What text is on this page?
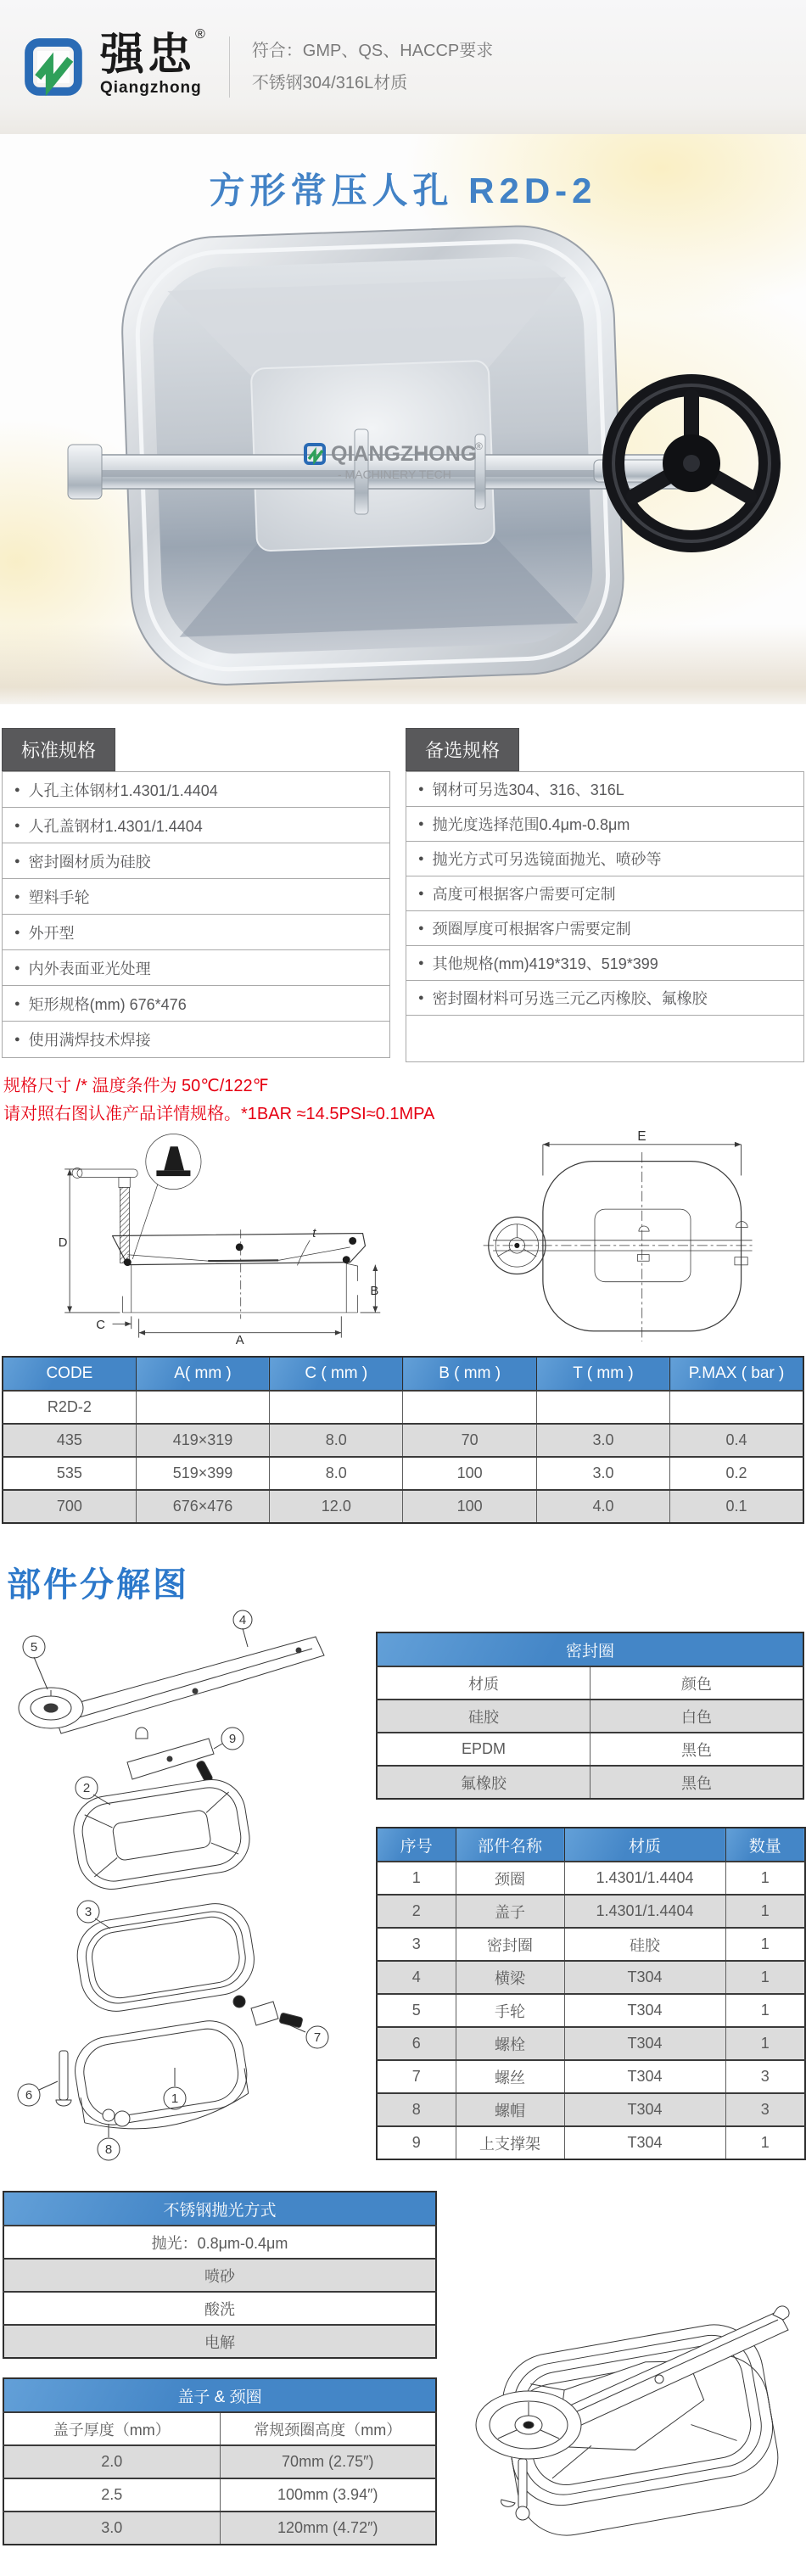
强忠®
Qiangzhong
符合：GMP、QS、HACCP要求
不锈钢304/316L材质
方形常压人孔 R2D-2
QIANGZHONG
®
- MACHINERY TECH
标准规格
● 人孔主体钢材1.4301/1.4404
● 人孔盖钢材1.4301/1.4404
● 密封圈材质为硅胶
● 塑料手轮
● 外开型
● 内外表面亚光处理
● 矩形规格(mm) 676*476
● 使用满焊技术焊接
备选规格
● 钢材可另选304、316、316L
● 抛光度选择范围0.4μm-0.8μm
● 抛光方式可另选镜面抛光、喷砂等
● 高度可根据客户需要可定制
● 颈圈厚度可根据客户需要定制
● 其他规格(mm)419*319、519*399
● 密封圈材料可另选三元乙丙橡胶、氟橡胶
规格尺寸 /* 温度条件为 50℃/122℉
请对照右图认准产品详情规格。*1BAR ≈14.5PSI≈0.1MPA
t
D
B
C
A
E
CODE	A( mm )	C ( mm )	B ( mm )	T ( mm )	P.MAX ( bar )
R2D-2					
435	419×319	8.0	70	3.0	0.4
535	519×399	8.0	100	3.0	0.2
700	676×476	12.0	100	4.0	0.1
部件分解图
5
4
9
2
3
1
6
7
8
密封圈	
材质	颜色
硅胶	白色
EPDM	黑色
氟橡胶	黑色
序号	部件名称	材质	数量
1	颈圈	1.4301/1.4404	1
2	盖子	1.4301/1.4404	1
3	密封圈	硅胶	1
4	横梁	T304	1
5	手轮	T304	1
6	螺栓	T304	1
7	螺丝	T304	3
8	螺帽	T304	3
9	上支撑架	T304	1
不锈钢抛光方式
抛光：0.8μm-0.4μm
喷砂
酸洗
电解
盖子 & 颈圈	
盖子厚度（mm）	常规颈圈高度（mm）
2.0	70mm (2.75″)
2.5	100mm (3.94″)
3.0	120mm (4.72″)
